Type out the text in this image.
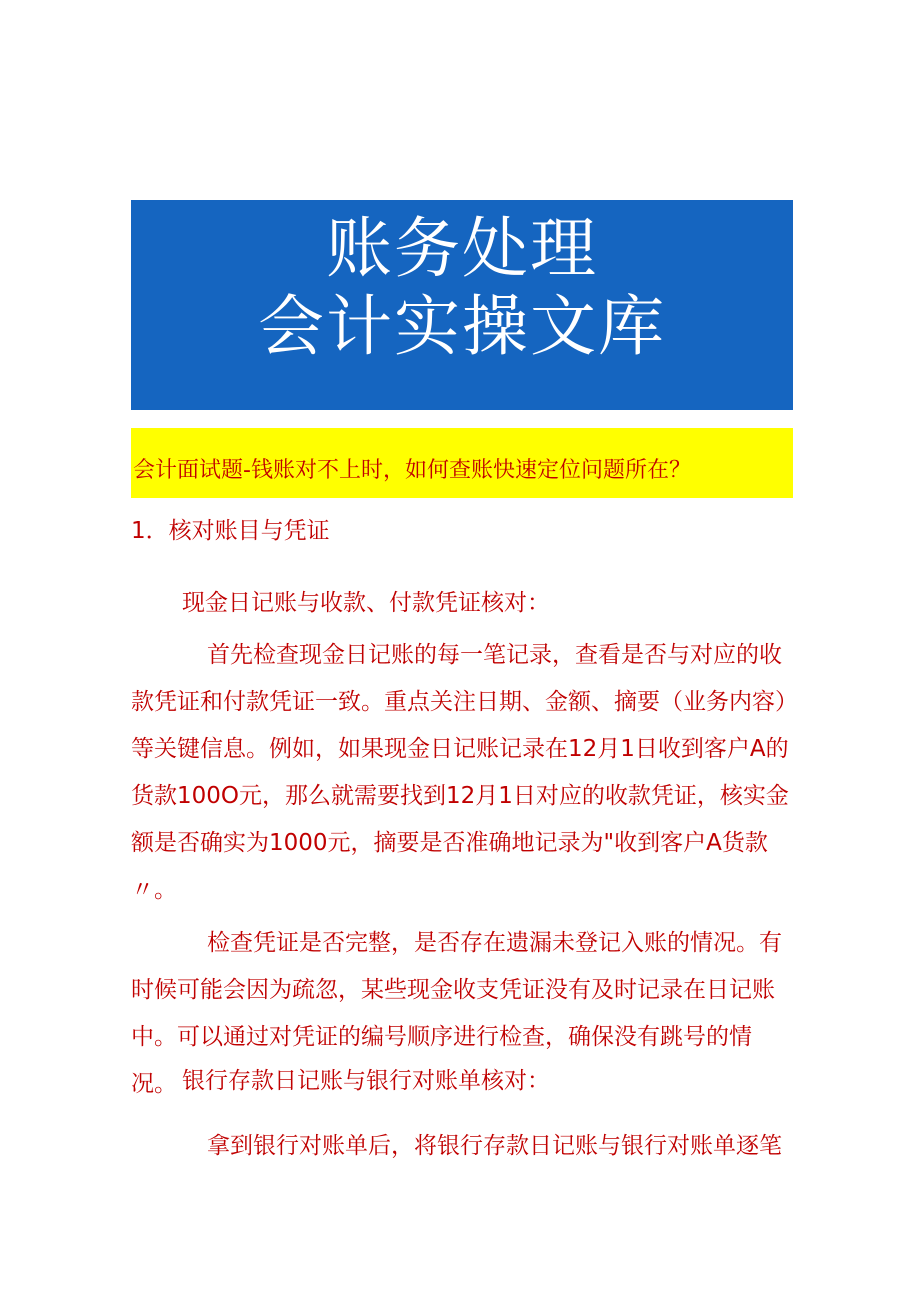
账务处理
会计实操文库
会计面试题-钱账对不上时，如何查账快速定位问题所在？
1．核对账目与凭证
现金日记账与收款、付款凭证核对：
首先检查现金日记账的每一笔记录，查看是否与对应的收款凭证和付款凭证一致。重点关注日期、金额、摘要（业务内容）等关键信息。例如，如果现金日记账记录在12月1日收到客户A的货款100O元，那么就需要找到12月1日对应的收款凭证，核实金额是否确实为1000元，摘要是否准确地记录为"收到客户A货款〃。
检查凭证是否完整，是否存在遗漏未登记入账的情况。有时候可能会因为疏忽，某些现金收支凭证没有及时记录在日记账中。可以通过对凭证的编号顺序进行检查，确保没有跳号的情况。 银行存款日记账与银行对账单核对：
拿到银行对账单后，将银行存款日记账与银行对账单逐笔
